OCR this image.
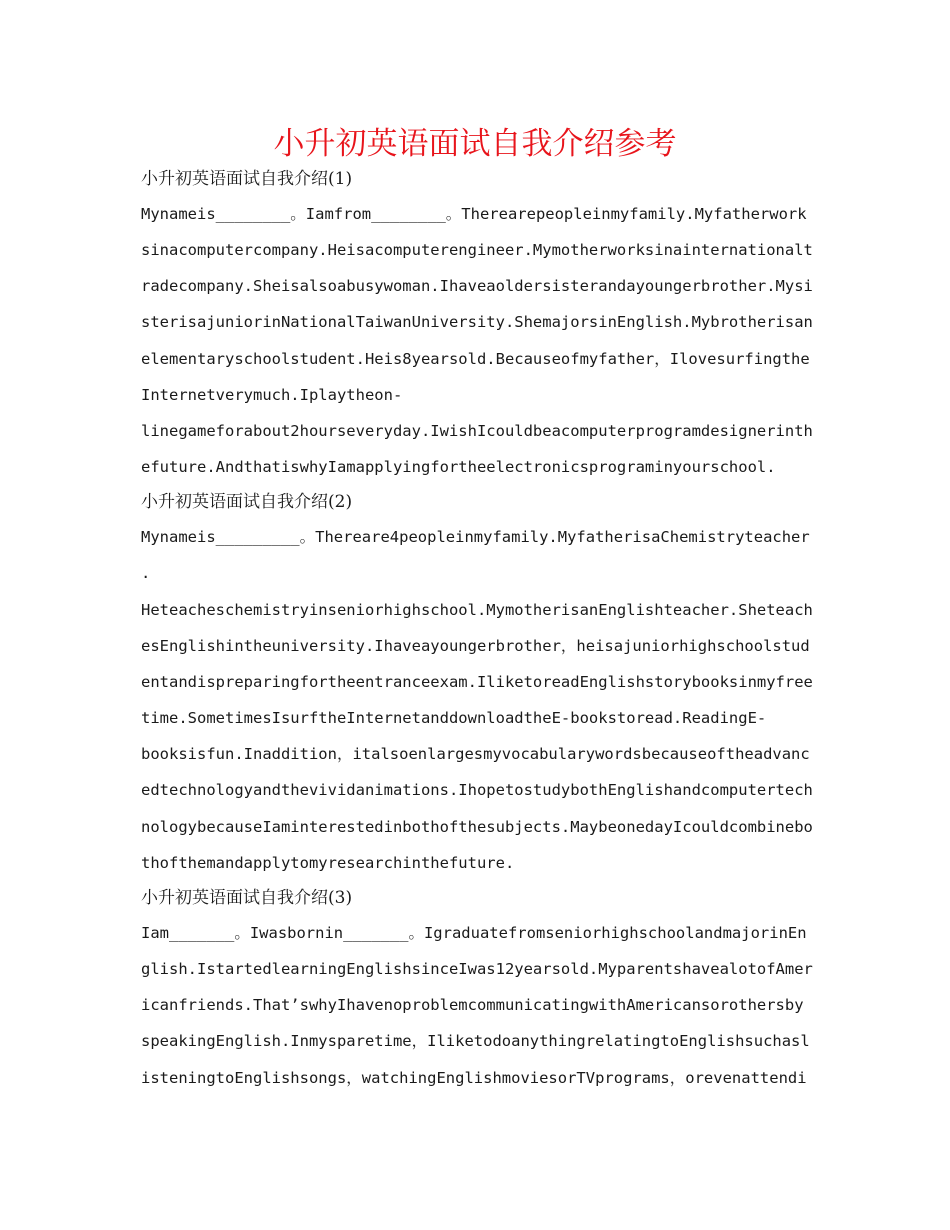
小升初英语面试自我介绍参考
小升初英语面试自我介绍(1)
Mynameis________。Iamfrom________。Therearepeopleinmyfamily.Myfatherwork
sinacomputercompany.Heisacomputerengineer.Mymotherworksinainternationalt
radecompany.Sheisalsoabusywoman.Ihaveaoldersisterandayoungerbrother.Mysi
sterisajuniorinNationalTaiwanUniversity.ShemajorsinEnglish.Mybrotherisan
elementaryschoolstudent.Heis8yearsold.Becauseofmyfather，Ilovesurfingthe
Internetverymuch.Iplaytheon-
linegameforabout2hourseveryday.IwishIcouldbeacomputerprogramdesignerinth
efuture.AndthatiswhyIamapplyingfortheelectronicsprograminyourschool.
小升初英语面试自我介绍(2)
Mynameis_________。Thereare4peopleinmyfamily.MyfatherisaChemistryteacher
.
Heteacheschemistryinseniorhighschool.MymotherisanEnglishteacher.Sheteach
esEnglishintheuniversity.Ihaveayoungerbrother，heisajuniorhighschoolstud
entandispreparingfortheentranceexam.IliketoreadEnglishstorybooksinmyfree
time.SometimesIsurftheInternetanddownloadtheE-bookstoread.ReadingE-
booksisfun.Inaddition，italsoenlargesmyvocabularywordsbecauseoftheadvanc
edtechnologyandthevividanimations.IhopetostudybothEnglishandcomputertech
nologybecauseIaminterestedinbothofthesubjects.MaybeonedayIcouldcombinebo
thofthemandapplytomyresearchinthefuture.
小升初英语面试自我介绍(3)
Iam_______。Iwasbornin_______。IgraduatefromseniorhighschoolandmajorinEn
glish.IstartedlearningEnglishsinceIwas12yearsold.MyparentshavealotofAmer
icanfriends.That’swhyIhavenoproblemcommunicatingwithAmericansorothersby
speakingEnglish.Inmysparetime，IliketodoanythingrelatingtoEnglishsuchasl
isteningtoEnglishsongs，watchingEnglishmoviesorTVprograms，orevenattendi
